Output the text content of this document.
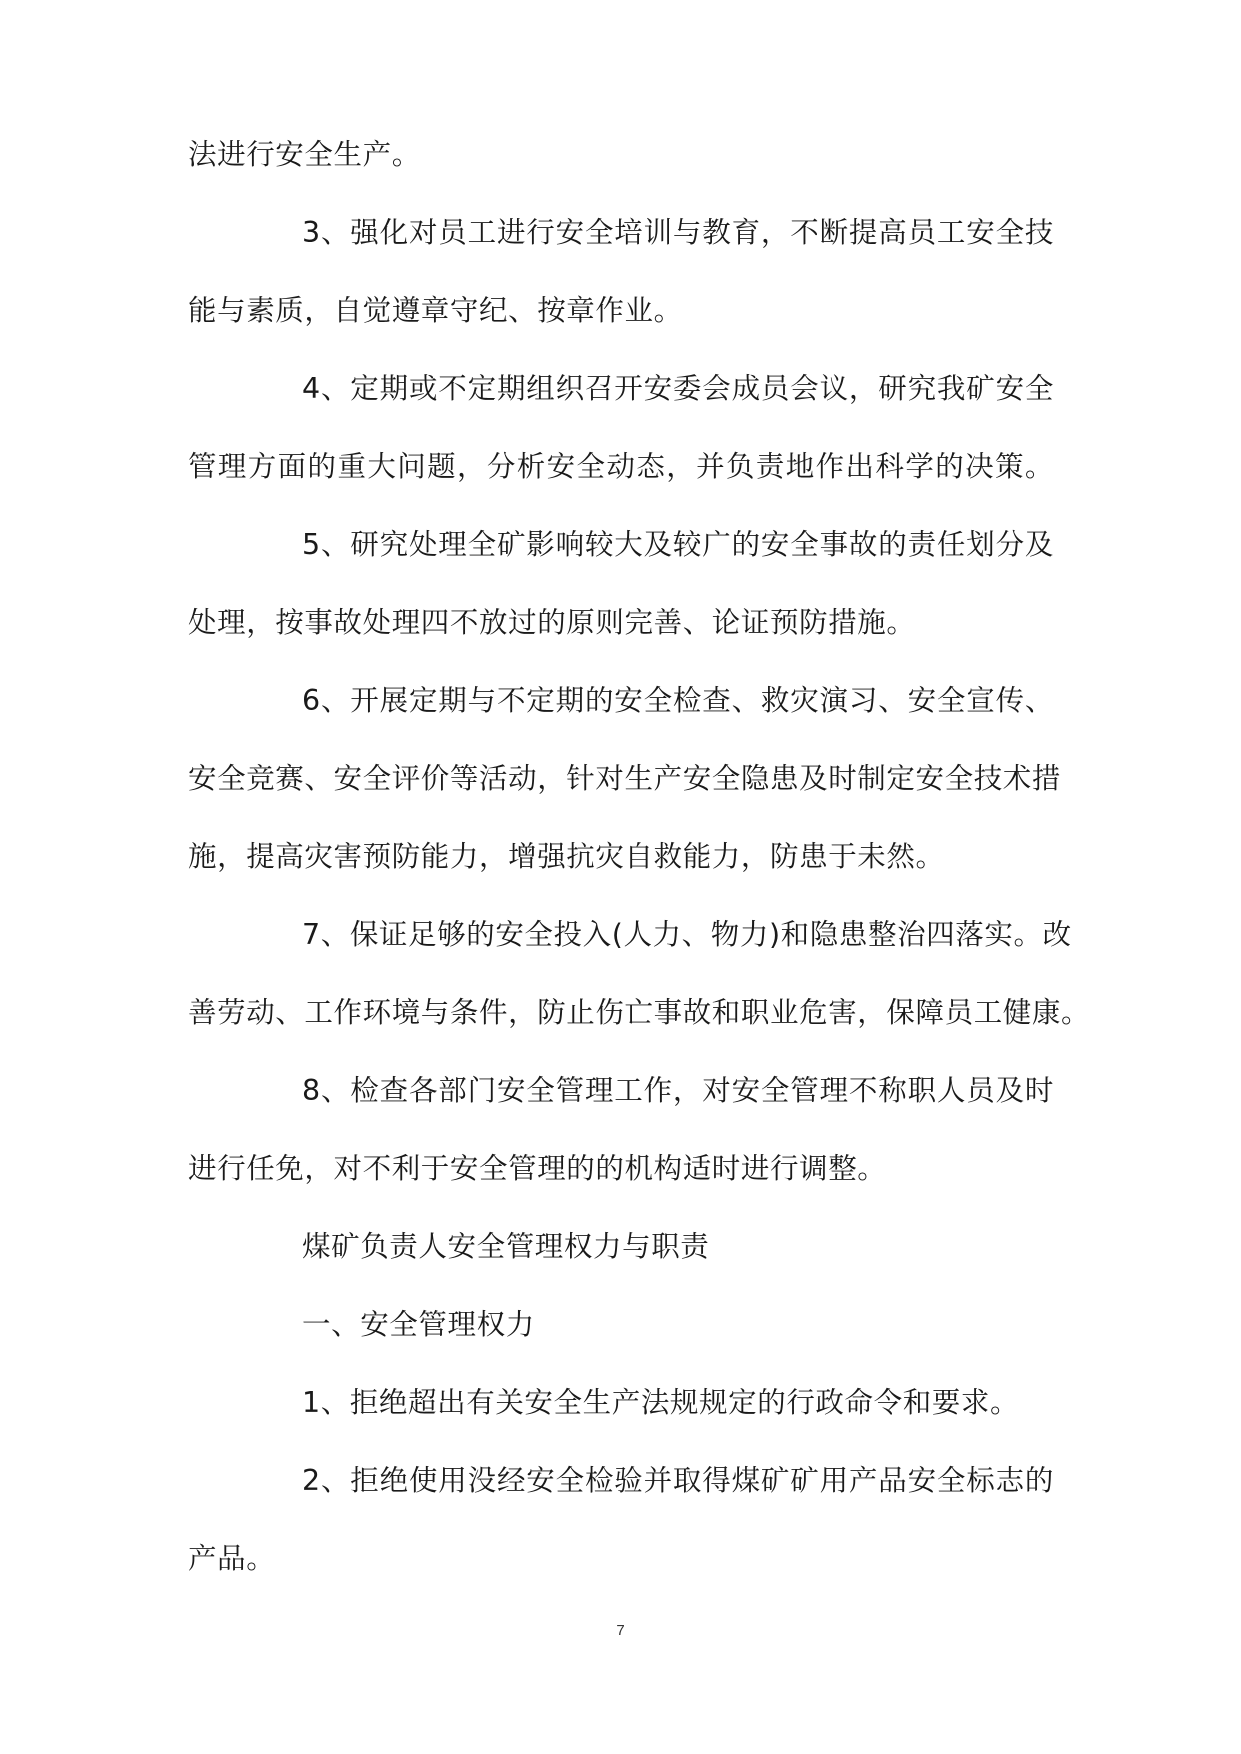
法进行安全生产。
3、强化对员工进行安全培训与教育，不断提高员工安全技
能与素质，自觉遵章守纪、按章作业。
4、定期或不定期组织召开安委会成员会议，研究我矿安全
管理方面的重大问题，分析安全动态，并负责地作出科学的决策。
5、研究处理全矿影响较大及较广的安全事故的责任划分及
处理，按事故处理四不放过的原则完善、论证预防措施。
6、开展定期与不定期的安全检查、救灾演习、安全宣传、
安全竞赛、安全评价等活动，针对生产安全隐患及时制定安全技术措
施，提高灾害预防能力，增强抗灾自救能力，防患于未然。
7、保证足够的安全投入(人力、物力)和隐患整治四落实。改
善劳动、工作环境与条件，防止伤亡事故和职业危害，保障员工健康。
8、检查各部门安全管理工作，对安全管理不称职人员及时
进行任免，对不利于安全管理的的机构适时进行调整。
煤矿负责人安全管理权力与职责
一、安全管理权力
1、拒绝超出有关安全生产法规规定的行政命令和要求。
2、拒绝使用没经安全检验并取得煤矿矿用产品安全标志的
产品。
7
